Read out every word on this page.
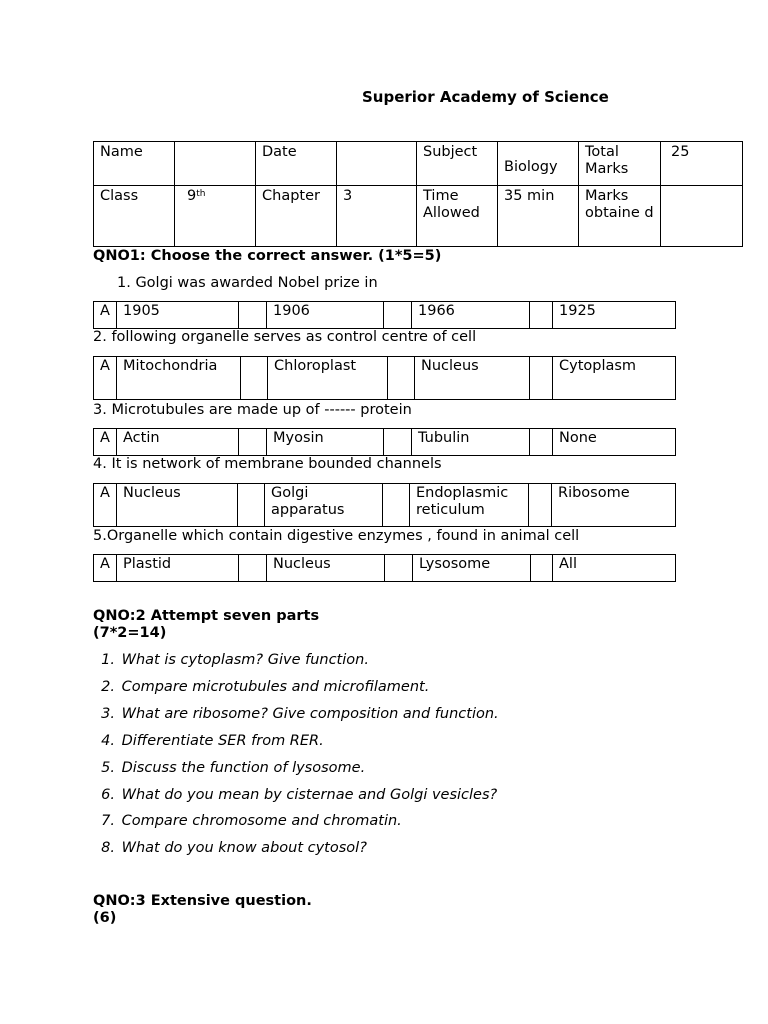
Superior Academy of Science
Name		Date		Subject	Biology	Total Marks	25
Class	9th	Chapter	3	Time Allowed	35 min	Marks obtaine d	
QNO1: Choose the correct answer. (1*5=5)
1. Golgi was awarded Nobel prize in
A	1905		1906		1966		1925
2. following organelle serves as control centre of cell
A	Mitochondria		Chloroplast		Nucleus		Cytoplasm
3. Microtubules are made up of ------ protein
A	Actin		Myosin		Tubulin		None
4. It is network of membrane bounded channels
A	Nucleus		Golgi apparatus		Endoplasmic reticulum		Ribosome
5.Organelle which contain digestive enzymes , found in animal cell
A	Plastid		Nucleus		Lysosome		All
QNO:2 Attempt seven parts
(7*2=14)
1. What is cytoplasm? Give function.
2. Compare microtubules and microfilament.
3. What are ribosome? Give composition and function.
4. Differentiate SER from RER.
5. Discuss the function of lysosome.
6. What do you mean by cisternae and Golgi vesicles?
7. Compare chromosome and chromatin.
8. What do you know about cytosol?
QNO:3 Extensive question.
(6)
